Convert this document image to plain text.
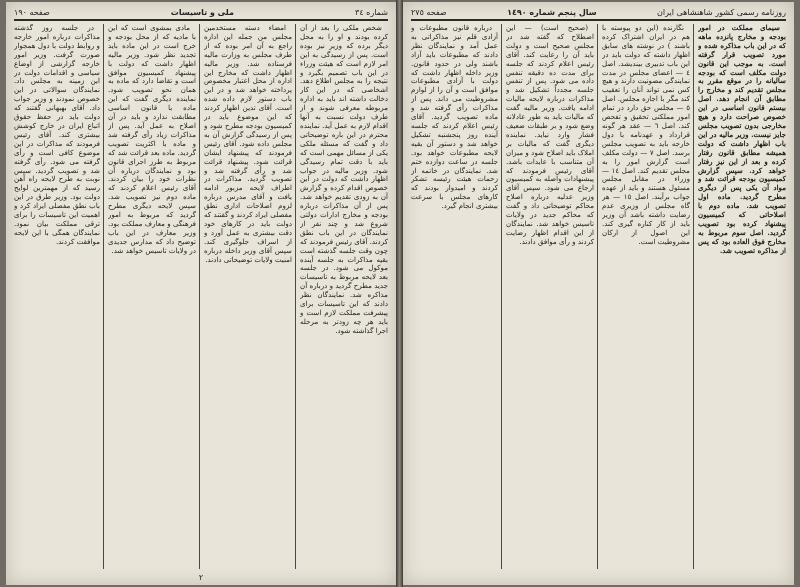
شماره ٣٤
ملی و تاسیسات
صفحه ١٩٠

شخص ملکی را بعد از آن کرده بودند و او را به محل دیگر برده که وزیر نیز بوده است. پس از رسیدگی به این امر لازم است که هیئت وزراء در این باب تصمیم بگیرد و نتیجه را به مجلس اطلاع دهد. اشخاصی که در این کار دخالت داشته اند باید به اداره مربوطه معرفی شوند و از طرف دولت نسبت به آنها اقدام لازم به عمل آید. نماینده محترم در این باره توضیحاتی داد و گفت که مسئله ملکی یکی از مسائل مهمی است که باید با دقت تمام رسیدگی شود. وزیر مالیه در جواب اظهار داشت که دولت در این خصوص اقدام کرده و گزارش آن به زودی تقدیم خواهد شد. پس از آن مذاکرات درباره بودجه و مخارج ادارات دولتی شروع شد و چند نفر از نمایندگان در این باب نطق کردند. آقای رئیس فرمودند که چون وقت جلسه گذشته است بقیه مذاکرات به جلسه آینده موکول می شود. در جلسه بعد لایحه مربوط به تاسیسات جدید مطرح گردید و درباره آن مذاکره شد. نمایندگان نظر دادند که این تاسیسات برای پیشرفت مملکت لازم است و باید هر چه زودتر به مرحله اجرا گذاشته شود.

امضاء دسته مستخدمین مجلس من جمله این اداره راجع به آن امر بوده که از طرف مجلس به وزارت مالیه فرستاده شد. وزیر مالیه اظهار داشت که مخارج این اداره از محل اعتبار مخصوص پرداخته خواهد شد و در این باب دستور لازم داده شده است. آقای تدین اظهار کردند که این موضوع باید در کمیسیون بودجه مطرح شود و پس از رسیدگی گزارش آن به مجلس داده شود. آقای رئیس فرمودند که پیشنهاد ایشان قرائت شود. پیشنهاد قرائت شد و رأی گرفته شد و تصویب گردید. مذاکرات در اطراف لایحه مزبور ادامه یافت و آقای مدرس درباره لزوم اصلاحات اداری نطق مفصلی ایراد کردند و گفتند که دولت باید در کارهای خود دقت بیشتری به عمل آورد و از اسراف جلوگیری کند. سپس آقای وزیر داخله درباره امنیت ولایات توضیحاتی دادند.

مادی بمشوی است که این با مادیه که از محل بودجه و خرج است در این ماده باید تجدید نظر شود. وزیر مالیه اظهار داشت که دولت با پیشنهاد کمیسیون موافق است و تقاضا دارد که ماده به همان نحو تصویب شود. نماینده دیگری گفت که این ماده با قانون اساسی مطابقت ندارد و باید در آن اصلاح به عمل آید. پس از مذاکرات زیاد رأی گرفته شد و ماده با اکثریت تصویب گردید. ماده بعد قرائت شد که مربوط به طرز اجرای قانون بود و نمایندگان درباره آن نظرات خود را بیان کردند. آقای رئیس اعلام کردند که ماده دوم نیز تصویب شد. سپس لایحه دیگری مطرح گردید که مربوط به امور فرهنگی و معارف مملکت بود. وزیر معارف در این باب توضیح داد که مدارس جدیدی در ولایات تاسیس خواهد شد.

در جلسه روز گذشته مذاکرات درباره امور خارجه و روابط دولت با دول همجوار صورت گرفت. وزیر امور خارجه گزارشی از اوضاع سیاسی و اقدامات دولت در این زمینه به مجلس داد. نمایندگان سوالاتی در این خصوص نمودند و وزیر جواب داد. آقای بهبهانی گفتند که دولت باید در حفظ حقوق اتباع ایران در خارج کوشش بیشتری کند. آقای رئیس فرمودند که مذاکرات در این موضوع کافی است و رأی گرفته می شود. رأی گرفته شد و تصویب گردید. سپس نوبت به طرح لایحه راه آهن رسید که از مهمترین لوایح دولت بود. وزیر طرق در این باب نطق مفصلی ایراد کرد و اهمیت این تاسیسات را برای ترقی مملکت بیان نمود. نمایندگان همگی با این لایحه موافقت کردند.

٢
روزنامه رسمی کشور شاهنشاهی ایران
سال پنجم شماره ١٤٩٠
صفحه ٢٧٥

سیمای مملکت در امور بودجه و مخارج پانزده ماهه که در این باب مذاکره شده و مورد تصویب قرار گرفته است. به موجب این قانون دولت مکلف است که بودجه سالیانه را در موقع مقرر به مجلس تقدیم کند و مخارج را مطابق آن انجام دهد. اصل بیستم قانون اساسی در این خصوص صراحت دارد و هیچ مخارجی بدون تصویب مجلس جایز نیست. وزیر مالیه در این باب اظهار داشت که دولت همیشه مطابق قانون رفتار کرده و بعد از این نیز رفتار خواهد کرد. سپس گزارش کمیسیون بودجه قرائت شد و مواد آن یکی پس از دیگری مطرح گردید. ماده اول تصویب شد. ماده دوم با اصلاحاتی که کمیسیون پیشنهاد کرده بود تصویب گردید. اصل سوم مربوط به مخارج فوق العاده بود که پس از مذاکره تصویب شد.

نگارنده (این دو پیوسته با هم در ایران اشتراک کرده باشند ) در نوشته های سابق اظهار داشته که دولت باید در این باب تدبیری بیندیشد. اصل ٤ — اعضای مجلس در مدت نمایندگی مصونیت دارند و هیچ کس نمی تواند آنان را تعقیب کند مگر با اجازه مجلس. اصل ٥ — مجلس حق دارد در تمام امور مملکتی تحقیق و تفحص کند. اصل ٦ — عقد هر گونه قرارداد و عهدنامه با دول خارجه باید به تصویب مجلس برسد. اصل ٧ — دولت مکلف است گزارش امور را به مجلس تقدیم کند. اصل ١٤ — وزراء در مقابل مجلس مسئول هستند و باید از عهده جواب برآیند. اصل ١٥ — هر گاه مجلس از وزیری عدم رضایت داشته باشد آن وزیر باید از کار کناره گیری کند. این اصول از ارکان مشروطیت است.

(صحیح است) — این اصطلاح که گفته شد در مجلس صحیح است و دولت باید آن را رعایت کند. آقای رئیس اعلام کردند که جلسه برای مدت ده دقیقه تنفس داده می شود. پس از تنفس جلسه مجدداً تشکیل شد و مذاکرات درباره لایحه مالیات ادامه یافت. وزیر مالیه گفت که مالیات باید به طور عادلانه وضع شود و بر طبقات ضعیف فشار وارد نیاید. نماینده دیگری گفت که مالیات بر املاک باید اصلاح شود و میزان آن متناسب با عایدات باشد. آقای رئیس فرمودند که پیشنهادات واصله به کمیسیون ارجاع می شود. سپس آقای وزیر عدلیه درباره اصلاح محاکم توضیحاتی داد و گفت که محاکم جدید در ولایات تاسیس خواهد شد. نمایندگان از این اقدام اظهار رضایت کردند و رأی موافق دادند.

درباره قانون مطبوعات و آزادی قلم نیز مذاکراتی به عمل آمد و نمایندگان نظر دادند که مطبوعات باید آزاد باشند ولی در حدود قانون. وزیر داخله اظهار داشت که دولت با آزادی مطبوعات موافق است و آن را از لوازم مشروطیت می داند. پس از مذاکرات رأی گرفته شد و ماده تصویب گردید. آقای رئیس اعلام کردند که جلسه آینده روز پنجشنبه تشکیل خواهد شد و دستور آن بقیه لایحه مطبوعات خواهد بود. جلسه در ساعت دوازده ختم شد. نمایندگان در خاتمه از زحمات هیئت رئیسه تشکر کردند و امیدوار بودند که کارهای مجلس با سرعت بیشتری انجام گیرد.
